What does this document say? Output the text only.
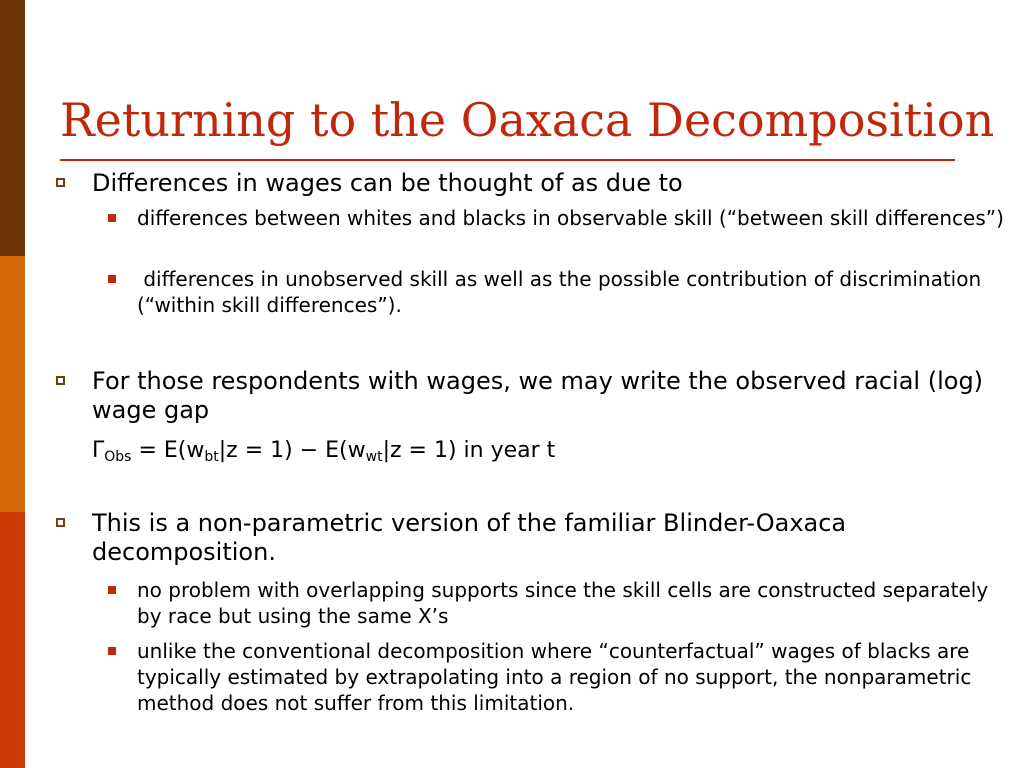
Returning to the Oaxaca Decomposition
Differences in wages can be thought of as due to
differences between whites and blacks in observable skill (“between skill differences”)
differences in unobserved skill as well as the possible contribution of discrimination (“within skill differences”).
For those respondents with wages, we may write the observed racial (log) wage gap
$\Gamma_{Obs} = E(w_{bt}|z = 1) - E(w_{wt}|z = 1)$ in year t
This is a non-parametric version of the familiar Blinder-Oaxaca decomposition.
no problem with overlapping supports since the skill cells are constructed separately by race but using the same X’s
unlike the conventional decomposition where “counterfactual” wages of blacks are typically estimated by extrapolating into a region of no support, the nonparametric method does not suffer from this limitation.
